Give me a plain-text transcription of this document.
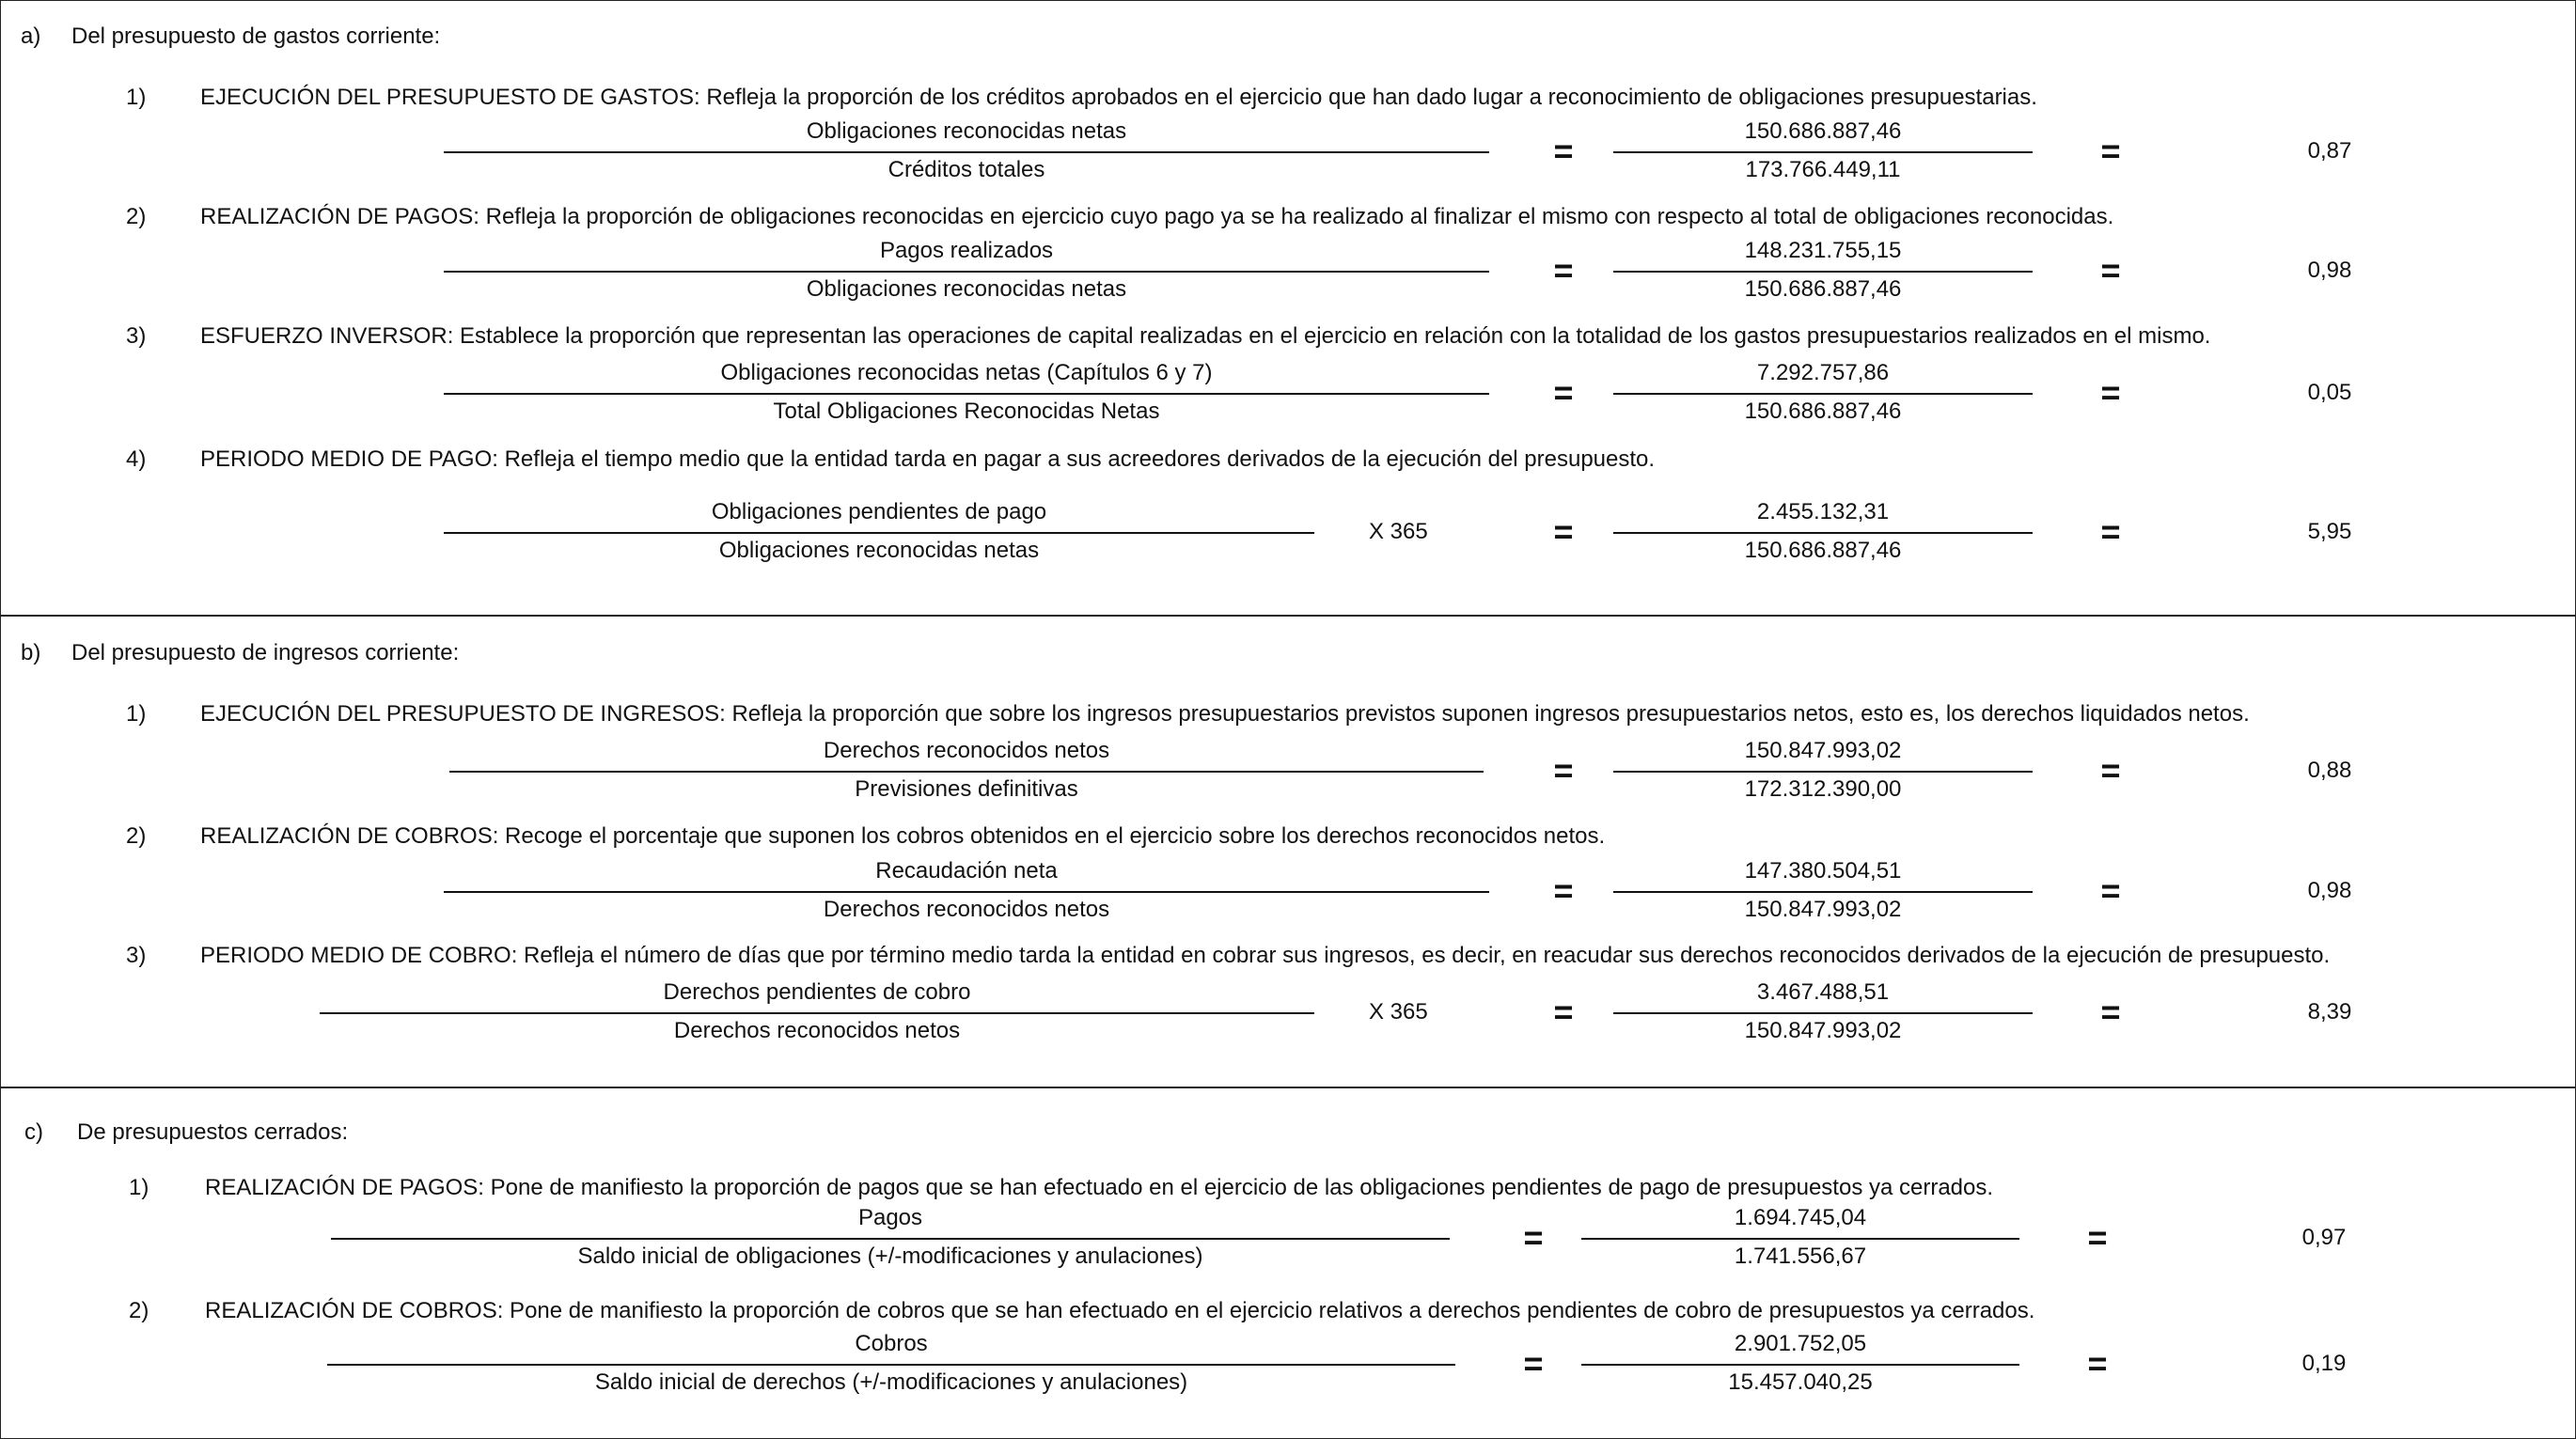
a) Del presupuesto de gastos corriente:
1) EJECUCIÓN DEL PRESUPUESTO DE GASTOS: Refleja la proporción de los créditos aprobados en el ejercicio que han dado lugar a reconocimiento de obligaciones presupuestarias.
Obligaciones reconocidas netas
Créditos totales	=
150.686.887,46
173.766.449,11	=	0,87
2) REALIZACIÓN DE PAGOS: Refleja la proporción de obligaciones reconocidas en ejercicio cuyo pago ya se ha realizado al finalizar el mismo con respecto al total de obligaciones reconocidas.
Pagos realizados
Obligaciones reconocidas netas	=
148.231.755,15
150.686.887,46	=	0,98
3) ESFUERZO INVERSOR: Establece la proporción que representan las operaciones de capital realizadas en el ejercicio en relación con la totalidad de los gastos presupuestarios realizados en el mismo.
Obligaciones reconocidas netas (Capítulos 6 y 7)
Total Obligaciones Reconocidas Netas	=
7.292.757,86
150.686.887,46	=	0,05
4) PERIODO MEDIO DE PAGO: Refleja el tiempo medio que la entidad tarda en pagar a sus acreedores derivados de la ejecución del presupuesto.
Obligaciones pendientes de pago
Obligaciones reconocidas netas
X 365	=
2.455.132,31
150.686.887,46	=	5,95
b) Del presupuesto de ingresos corriente:
1) EJECUCIÓN DEL PRESUPUESTO DE INGRESOS: Refleja la proporción que sobre los ingresos presupuestarios previstos suponen ingresos presupuestarios netos, esto es, los derechos liquidados netos.
Derechos reconocidos netos
Previsiones definitivas	=
150.847.993,02
172.312.390,00	=	0,88
2) REALIZACIÓN DE COBROS: Recoge el porcentaje que suponen los cobros obtenidos en el ejercicio sobre los derechos reconocidos netos.
Recaudación neta
Derechos reconocidos netos	=
147.380.504,51
150.847.993,02	=	0,98
3) PERIODO MEDIO DE COBRO: Refleja el número de días que por término medio tarda la entidad en cobrar sus ingresos, es decir, en reacudar sus derechos reconocidos derivados de la ejecución de presupuesto.
Derechos pendientes de cobro
Derechos reconocidos netos
X 365	=
3.467.488,51
150.847.993,02	=	8,39
c) De presupuestos cerrados:
1) REALIZACIÓN DE PAGOS: Pone de manifiesto la proporción de pagos que se han efectuado en el ejercicio de las obligaciones pendientes de pago de presupuestos ya cerrados.
Pagos
Saldo inicial de obligaciones (+/-modificaciones y anulaciones)	=
1.694.745,04
1.741.556,67	=	0,97
2) REALIZACIÓN DE COBROS: Pone de manifiesto la proporción de cobros que se han efectuado en el ejercicio relativos a derechos pendientes de cobro de presupuestos ya cerrados.
Cobros
Saldo inicial de derechos (+/-modificaciones y anulaciones)	=
2.901.752,05
15.457.040,25	=	0,19
